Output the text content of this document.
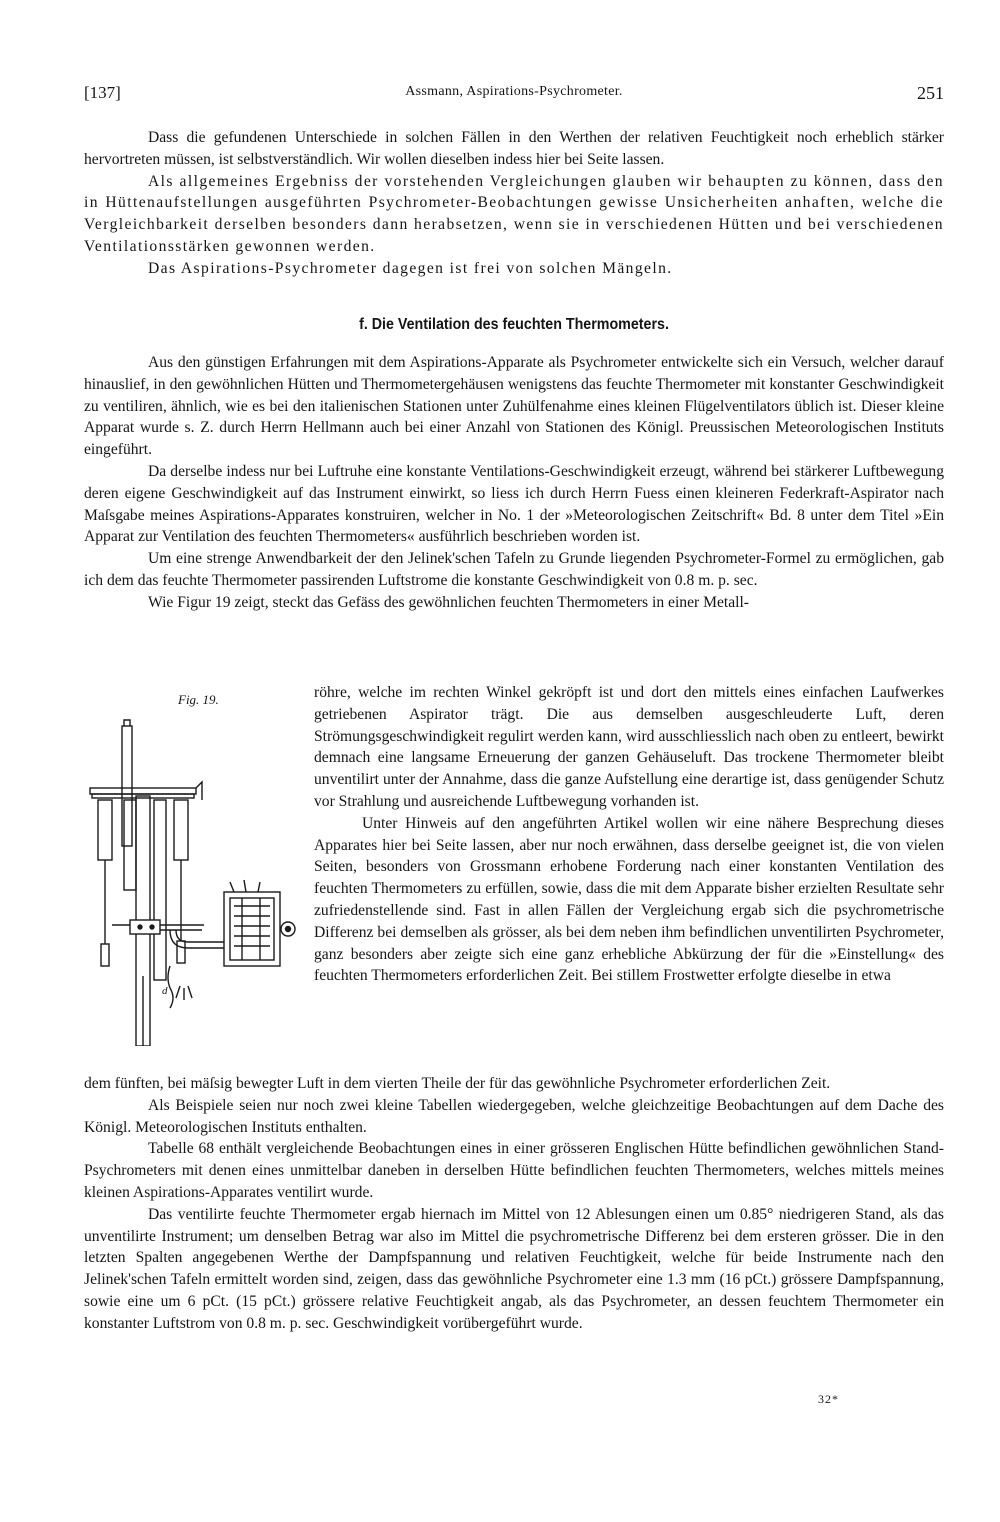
[137]	Assmann, Aspirations-Psychrometer.	251

Dass die gefundenen Unterschiede in solchen Fällen in den Werthen der relativen Feuchtigkeit noch erheblich stärker hervortreten müssen, ist selbstverständlich. Wir wollen dieselben indess hier bei Seite lassen.

Als allgemeines Ergebniss der vorstehenden Vergleichungen glauben wir behaupten zu können, dass den in Hüttenaufstellungen ausgeführten Psychrometer-Beobachtungen gewisse Unsicherheiten anhaften, welche die Vergleichbarkeit derselben besonders dann herabsetzen, wenn sie in verschiedenen Hütten und bei verschiedenen Ventilationsstärken gewonnen werden.

Das Aspirations-Psychrometer dagegen ist frei von solchen Mängeln.

f. Die Ventilation des feuchten Thermometers.

Aus den günstigen Erfahrungen mit dem Aspirations-Apparate als Psychrometer entwickelte sich ein Versuch, welcher darauf hinauslief, in den gewöhnlichen Hütten und Thermometergehäusen wenigstens das feuchte Thermometer mit konstanter Geschwindigkeit zu ventiliren, ähnlich, wie es bei den italienischen Stationen unter Zuhülfenahme eines kleinen Flügelventilators üblich ist. Dieser kleine Apparat wurde s. Z. durch Herrn Hellmann auch bei einer Anzahl von Stationen des Königl. Preussischen Meteorologischen Instituts eingeführt.

Da derselbe indess nur bei Luftruhe eine konstante Ventilations-Geschwindigkeit erzeugt, während bei stärkerer Luftbewegung deren eigene Geschwindigkeit auf das Instrument einwirkt, so liess ich durch Herrn Fuess einen kleineren Federkraft-Aspirator nach Maſsgabe meines Aspirations-Apparates konstruiren, welcher in No. 1 der »Meteorologischen Zeitschrift« Bd. 8 unter dem Titel »Ein Apparat zur Ventilation des feuchten Thermometers« ausführlich beschrieben worden ist.

Um eine strenge Anwendbarkeit der den Jelinek'schen Tafeln zu Grunde liegenden Psychrometer-Formel zu ermöglichen, gab ich dem das feuchte Thermometer passirenden Luftstrome die konstante Geschwindigkeit von 0.8 m. p. sec.

Wie Figur 19 zeigt, steckt das Gefäss des gewöhnlichen feuchten Thermometers in einer Metall-

Fig. 19.
d

röhre, welche im rechten Winkel gekröpft ist und dort den mittels eines einfachen Laufwerkes getriebenen Aspirator trägt. Die aus demselben ausgeschleuderte Luft, deren Strömungsgeschwindigkeit regulirt werden kann, wird ausschliesslich nach oben zu entleert, bewirkt demnach eine langsame Erneuerung der ganzen Gehäuseluft. Das trockene Thermometer bleibt unventilirt unter der Annahme, dass die ganze Aufstellung eine derartige ist, dass genügender Schutz vor Strahlung und ausreichende Luftbewegung vorhanden ist.

Unter Hinweis auf den angeführten Artikel wollen wir eine nähere Besprechung dieses Apparates hier bei Seite lassen, aber nur noch erwähnen, dass derselbe geeignet ist, die von vielen Seiten, besonders von Grossmann erhobene Forderung nach einer konstanten Ventilation des feuchten Thermometers zu erfüllen, sowie, dass die mit dem Apparate bisher erzielten Resultate sehr zufriedenstellende sind. Fast in allen Fällen der Vergleichung ergab sich die psychrometrische Differenz bei demselben als grösser, als bei dem neben ihm befindlichen unventilirten Psychrometer, ganz besonders aber zeigte sich eine ganz erhebliche Abkürzung der für die »Einstellung« des feuchten Thermometers erforderlichen Zeit. Bei stillem Frostwetter erfolgte dieselbe in etwa

dem fünften, bei mäſsig bewegter Luft in dem vierten Theile der für das gewöhnliche Psychrometer erforderlichen Zeit.

Als Beispiele seien nur noch zwei kleine Tabellen wiedergegeben, welche gleichzeitige Beobachtungen auf dem Dache des Königl. Meteorologischen Instituts enthalten.

Tabelle 68 enthält vergleichende Beobachtungen eines in einer grösseren Englischen Hütte befindlichen gewöhnlichen Stand-Psychrometers mit denen eines unmittelbar daneben in derselben Hütte befindlichen feuchten Thermometers, welches mittels meines kleinen Aspirations-Apparates ventilirt wurde.

Das ventilirte feuchte Thermometer ergab hiernach im Mittel von 12 Ablesungen einen um 0.85° niedrigeren Stand, als das unventilirte Instrument; um denselben Betrag war also im Mittel die psychrometrische Differenz bei dem ersteren grösser. Die in den letzten Spalten angegebenen Werthe der Dampfspannung und relativen Feuchtigkeit, welche für beide Instrumente nach den Jelinek'schen Tafeln ermittelt worden sind, zeigen, dass das gewöhnliche Psychrometer eine 1.3 mm (16 pCt.) grössere Dampfspannung, sowie eine um 6 pCt. (15 pCt.) grössere relative Feuchtigkeit angab, als das Psychrometer, an dessen feuchtem Thermometer ein konstanter Luftstrom von 0.8 m. p. sec. Geschwindigkeit vorübergeführt wurde.

32*
